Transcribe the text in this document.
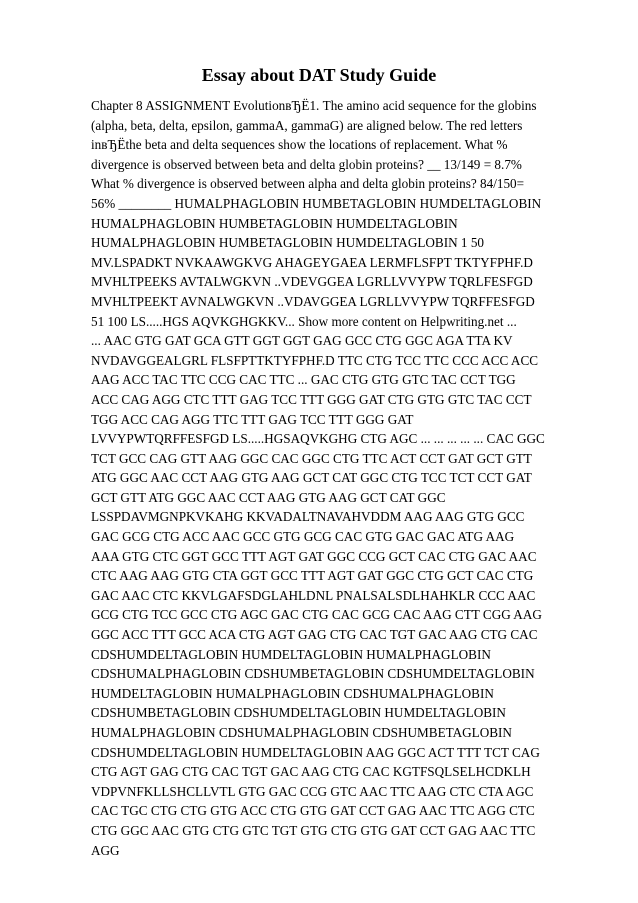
Essay about DAT Study Guide
Chapter 8 ASSIGNMENT EvolutionвЂЁ1. The amino acid sequence for the globins
(alpha, beta, delta, epsilon, gammaA, gammaG) are aligned below. The red letters
inвЂЁthe beta and delta sequences show the locations of replacement. What %
divergence is observed between beta and delta globin proteins? __ 13/149 = 8.7%
What % divergence is observed between alpha and delta globin proteins? 84/150=
56% ________ HUMALPHAGLOBIN HUMBETAGLOBIN HUMDELTAGLOBIN
HUMALPHAGLOBIN HUMBETAGLOBIN HUMDELTAGLOBIN
HUMALPHAGLOBIN HUMBETAGLOBIN HUMDELTAGLOBIN 1 50
MV.LSPADKT NVKAAWGKVG AHAGEYGAEA LERMFLSFPT TKTYFPHF.D
MVHLTPEEKS AVTALWGKVN ..VDEVGGEA LGRLLVVYPW TQRLFESFGD
MVHLTPEEKT AVNALWGKVN ..VDAVGGEA LGRLLVVYPW TQRFFESFGD
51 100 LS.....HGS AQVKGHGKKV... Show more content on Helpwriting.net ...
... AAC GTG GAT GCA GTT GGT GGT GAG GCC CTG GGC AGA TTA KV
NVDAVGGEALGRL FLSFPTTKTYFPHF.D TTC CTG TCC TTC CCC ACC ACC
AAG ACC TAC TTC CCG CAC TTC ... GAC CTG GTG GTC TAC CCT TGG
ACC CAG AGG CTC TTT GAG TCC TTT GGG GAT CTG GTG GTC TAC CCT
TGG ACC CAG AGG TTC TTT GAG TCC TTT GGG GAT
LVVYPWTQRFFESFGD LS.....HGSAQVKGHG CTG AGC ... ... ... ... ... CAC GGC
TCT GCC CAG GTT AAG GGC CAC GGC CTG TTC ACT CCT GAT GCT GTT
ATG GGC AAC CCT AAG GTG AAG GCT CAT GGC CTG TCC TCT CCT GAT
GCT GTT ATG GGC AAC CCT AAG GTG AAG GCT CAT GGC
LSSPDAVMGNPKVKAHG KKVADALTNAVAHVDDM AAG AAG GTG GCC
GAC GCG CTG ACC AAC GCC GTG GCG CAC GTG GAC GAC ATG AAG
AAA GTG CTC GGT GCC TTT AGT GAT GGC CCG GCT CAC CTG GAC AAC
CTC AAG AAG GTG CTA GGT GCC TTT AGT GAT GGC CTG GCT CAC CTG
GAC AAC CTC KKVLGAFSDGLAHLDNL PNALSALSDLHAHKLR CCC AAC
GCG CTG TCC GCC CTG AGC GAC CTG CAC GCG CAC AAG CTT CGG AAG
GGC ACC TTT GCC ACA CTG AGT GAG CTG CAC TGT GAC AAG CTG CAC
CDSHUMDELTAGLOBIN HUMDELTAGLOBIN HUMALPHAGLOBIN
CDSHUMALPHAGLOBIN CDSHUMBETAGLOBIN CDSHUMDELTAGLOBIN
HUMDELTAGLOBIN HUMALPHAGLOBIN CDSHUMALPHAGLOBIN
CDSHUMBETAGLOBIN CDSHUMDELTAGLOBIN HUMDELTAGLOBIN
HUMALPHAGLOBIN CDSHUMALPHAGLOBIN CDSHUMBETAGLOBIN
CDSHUMDELTAGLOBIN HUMDELTAGLOBIN AAG GGC ACT TTT TCT CAG
CTG AGT GAG CTG CAC TGT GAC AAG CTG CAC KGTFSQLSELHCDKLH
VDPVNFKLLSHCLLVTL GTG GAC CCG GTC AAC TTC AAG CTC CTA AGC
CAC TGC CTG CTG GTG ACC CTG GTG GAT CCT GAG AAC TTC AGG CTC
CTG GGC AAC GTG CTG GTC TGT GTG CTG GTG GAT CCT GAG AAC TTC
AGG
